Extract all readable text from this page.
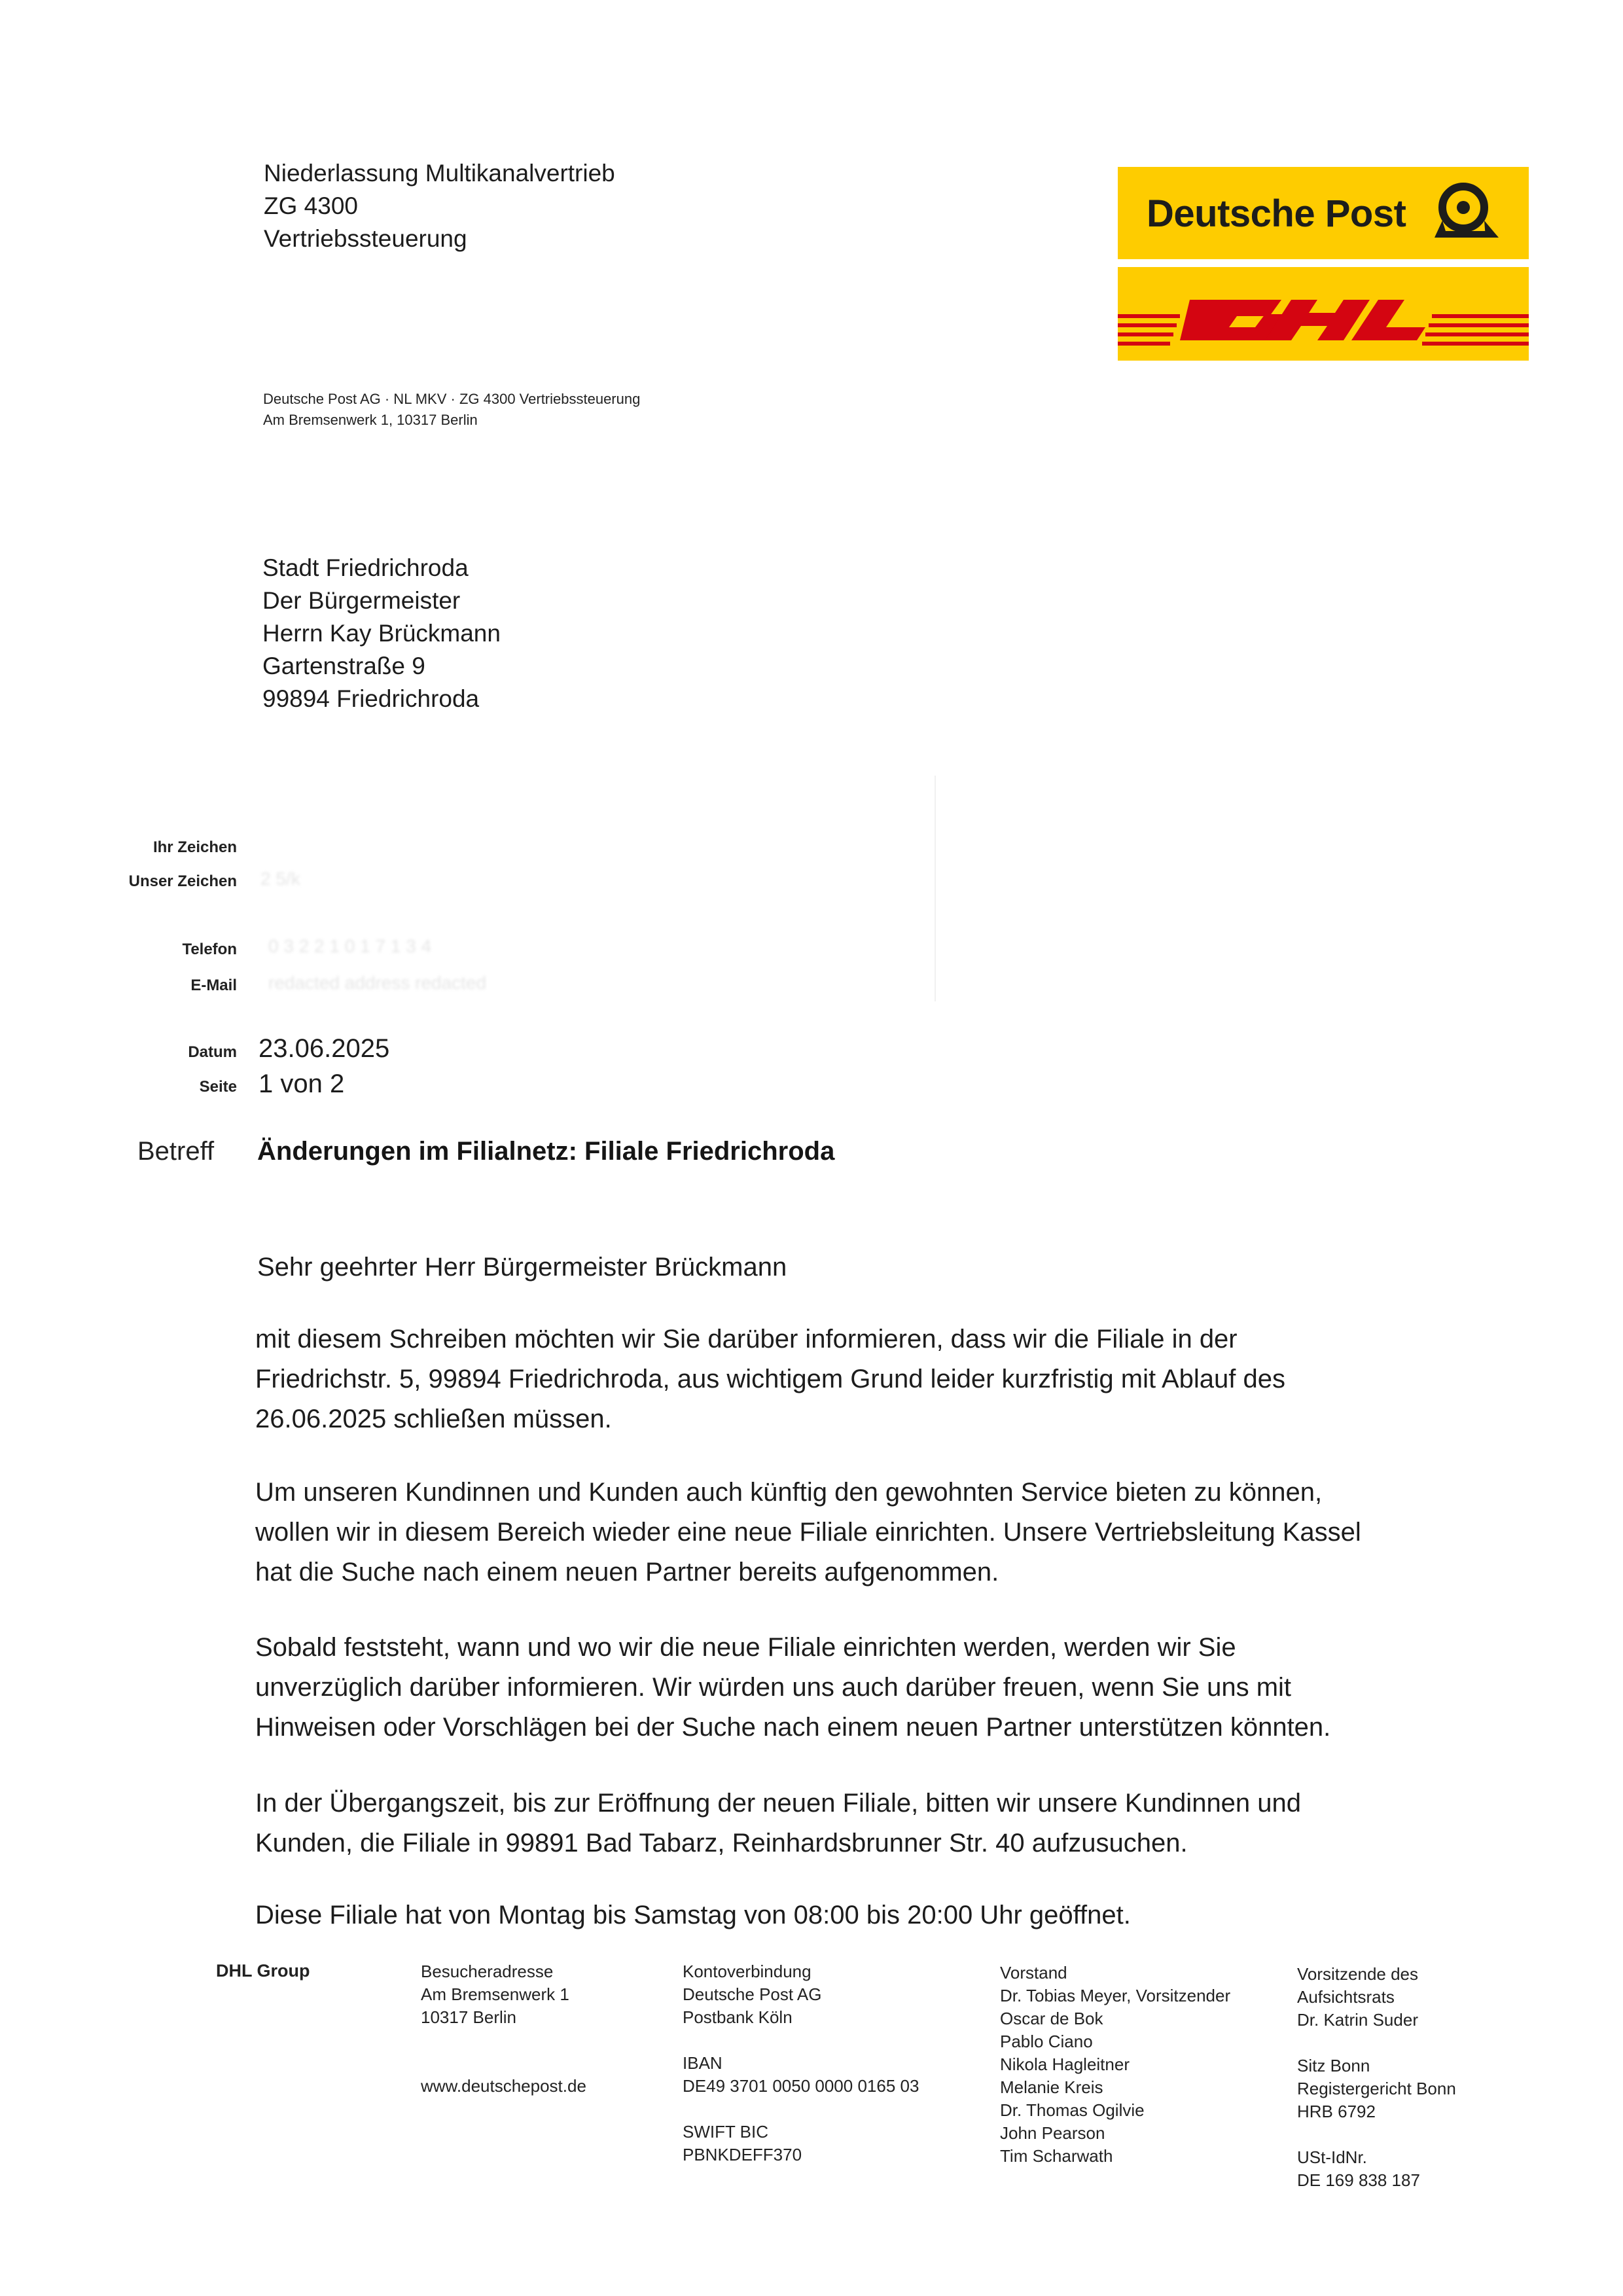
Niederlassung Multikanalvertrieb
ZG 4300
Vertriebssteuerung
Deutsche Post
Deutsche Post AG · NL MKV · ZG 4300 Vertriebssteuerung
Am Bremsenwerk 1, 10317 Berlin
Stadt Friedrichroda
Der Bürgermeister
Herrn Kay Brückmann
Gartenstraße 9
99894 Friedrichroda
Ihr Zeichen
Unser Zeichen 2 5/k
Telefon 0 3 2 2 1 0 1 7 1 3 4
E-Mail redacted address redacted
Datum 23.06.2025
Seite 1 von 2
Betreff Änderungen im Filialnetz: Filiale Friedrichroda
Sehr geehrter Herr Bürgermeister Brückmann
mit diesem Schreiben möchten wir Sie darüber informieren, dass wir die Filiale in der
Friedrichstr. 5, 99894 Friedrichroda, aus wichtigem Grund leider kurzfristig mit Ablauf des
26.06.2025 schließen müssen.
Um unseren Kundinnen und Kunden auch künftig den gewohnten Service bieten zu können,
wollen wir in diesem Bereich wieder eine neue Filiale einrichten. Unsere Vertriebsleitung Kassel
hat die Suche nach einem neuen Partner bereits aufgenommen.
Sobald feststeht, wann und wo wir die neue Filiale einrichten werden, werden wir Sie
unverzüglich darüber informieren. Wir würden uns auch darüber freuen, wenn Sie uns mit
Hinweisen oder Vorschlägen bei der Suche nach einem neuen Partner unterstützen könnten.
In der Übergangszeit, bis zur Eröffnung der neuen Filiale, bitten wir unsere Kundinnen und
Kunden, die Filiale in 99891 Bad Tabarz, Reinhardsbrunner Str. 40 aufzusuchen.
Diese Filiale hat von Montag bis Samstag von 08:00 bis 20:00 Uhr geöffnet.
DHL Group	Besucheradresse
Am Bremsenwerk 1
10317 Berlin
www.deutschepost.de
Kontoverbindung
Deutsche Post AG
Postbank Köln
IBAN
DE49 3701 0050 0000 0165 03
SWIFT BIC
PBNKDEFF370
Vorstand
Dr. Tobias Meyer, Vorsitzender
Oscar de Bok
Pablo Ciano
Nikola Hagleitner
Melanie Kreis
Dr. Thomas Ogilvie
John Pearson
Tim Scharwath
Vorsitzende des
Aufsichtsrats
Dr. Katrin Suder
Sitz Bonn
Registergericht Bonn
HRB 6792
USt-IdNr.
DE 169 838 187
